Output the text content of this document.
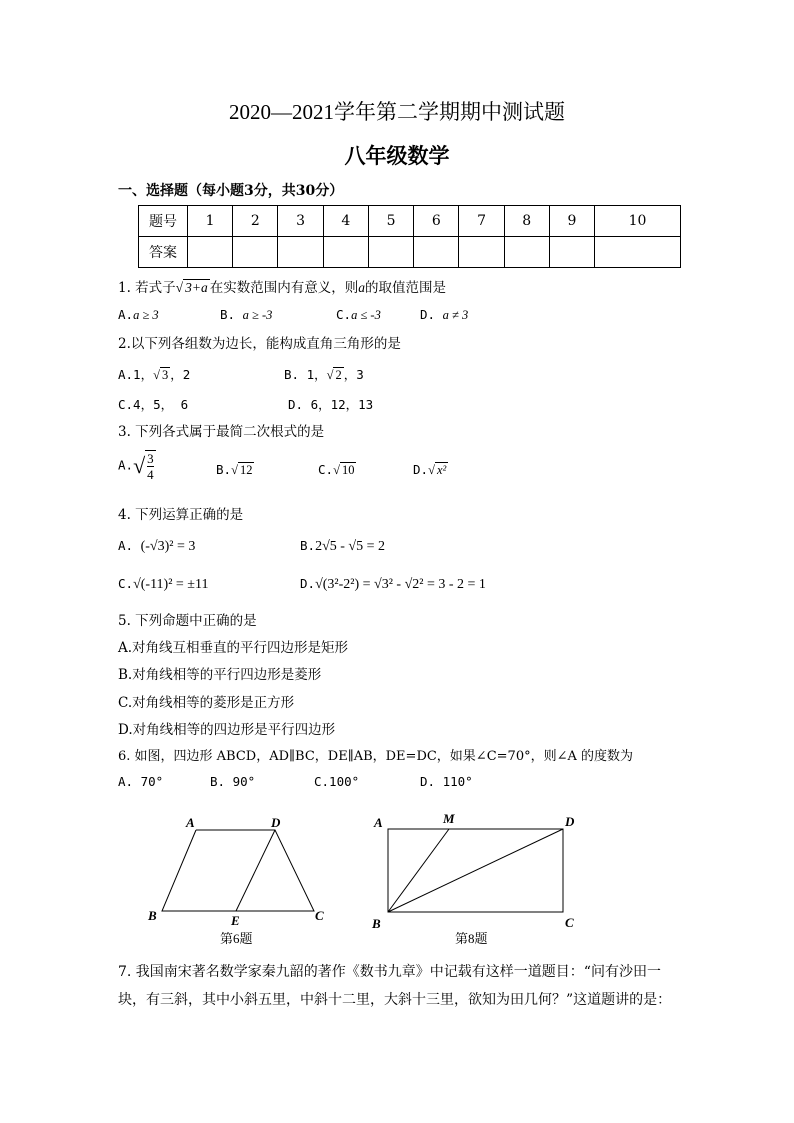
2020—2021学年第二学期期中测试题
八年级数学
一、选择题（每小题3分，共30分）
题号	1	2	3	4	5	6	7	8	9	10
答案										
1. 若式子√ 3+a 在实数范围内有意义，则a的取值范围是
A.a ≥ 3	B. a ≥ -3	C.a ≤ -3	D. a ≠ 3
2.以下列各组数为边长，能构成直角三角形的是
A.1，√ 3 ，2	B. 1，√ 2 ，3
C.4，5， 6	D. 6，12，13
3. 下列各式属于最简二次根式的是
$A.√ \frac{3}{4}$	B.√ 12	C.√ 10	D.√ x²
4. 下列运算正确的是
A. (-√3)² = 3	B.2√5 - √5 = 2
C.√(-11)² = ±11	D.√(3²-2²) = √3² - √2² = 3 - 2 = 1
5. 下列命题中正确的是
A.对角线互相垂直的平行四边形是矩形
B.对角线相等的平行四边形是菱形
C.对角线相等的菱形是正方形
D.对角线相等的四边形是平行四边形
6. 如图，四边形 ABCD，AD∥BC，DE∥AB，DE=DC，如果∠C=70°，则∠A 的度数为
A. 70°	B. 90°	C.100°	D. 110°
A	D
B	E	C
第6题
A	M	D
B	C
第8题
7. 我国南宋著名数学家秦九韶的著作《数书九章》中记载有这样一道题目：“问有沙田一块，有三斜，其中小斜五里，中斜十二里，大斜十三里，欲知为田几何？”这道题讲的是：
